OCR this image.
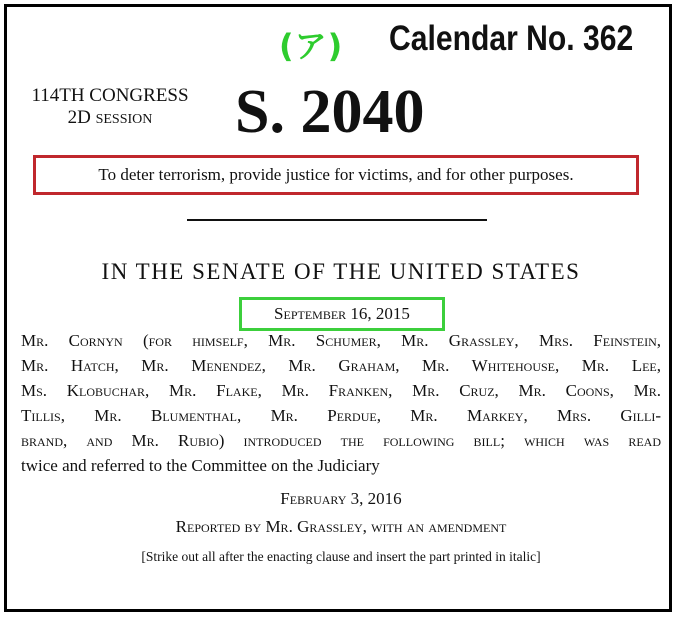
(ア) Calendar No. 362
114TH CONGRESS
2D SESSION	S. 2040
To deter terrorism, provide justice for victims, and for other purposes.
IN THE SENATE OF THE UNITED STATES
September 16, 2015
Mr. Cornyn (for himself, Mr. Schumer, Mr. Grassley, Mrs. Feinstein,
Mr. Hatch, Mr. Menendez, Mr. Graham, Mr. Whitehouse, Mr. Lee,
Ms. Klobuchar, Mr. Flake, Mr. Franken, Mr. Cruz, Mr. Coons, Mr.
Tillis, Mr. Blumenthal, Mr. Perdue, Mr. Markey, Mrs. Gilli-
brand, and Mr. Rubio) introduced the following bill; which was read
twice and referred to the Committee on the Judiciary
February 3, 2016
Reported by Mr. Grassley, with an amendment
[Strike out all after the enacting clause and insert the part printed in italic]
